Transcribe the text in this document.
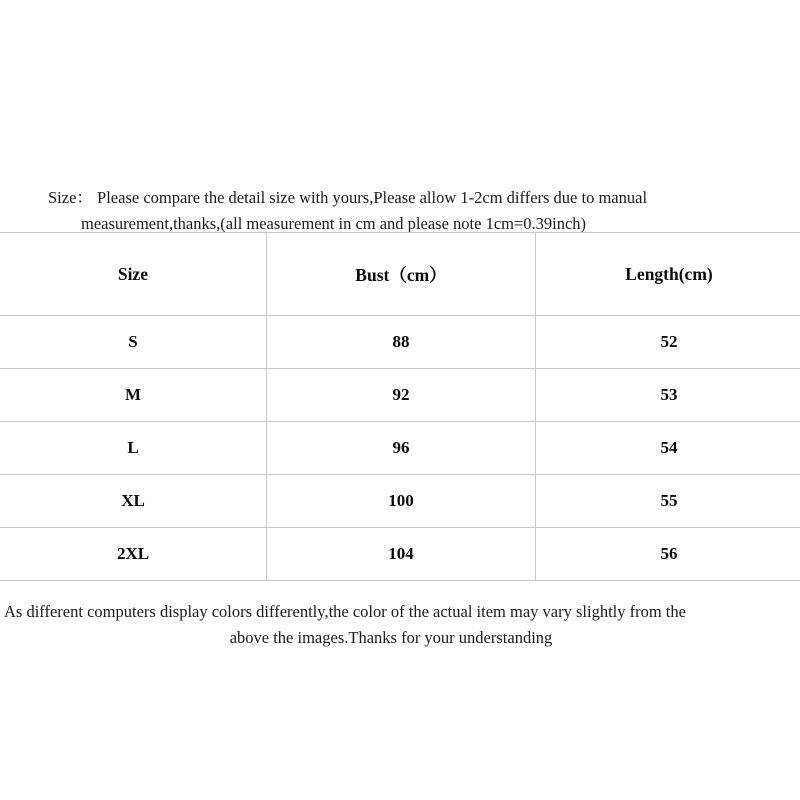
Size： Please compare the detail size with yours,Please allow 1-2cm differs due to manual
measurement,thanks,(all measurement in cm and please note 1cm=0.39inch)

Size	Bust（cm）	Length(cm)
S	88	52
M	92	53
L	96	54
XL	100	55
2XL	104	56

As different computers display colors differently,the color of the actual item may vary slightly from the
above the images.Thanks for your understanding
